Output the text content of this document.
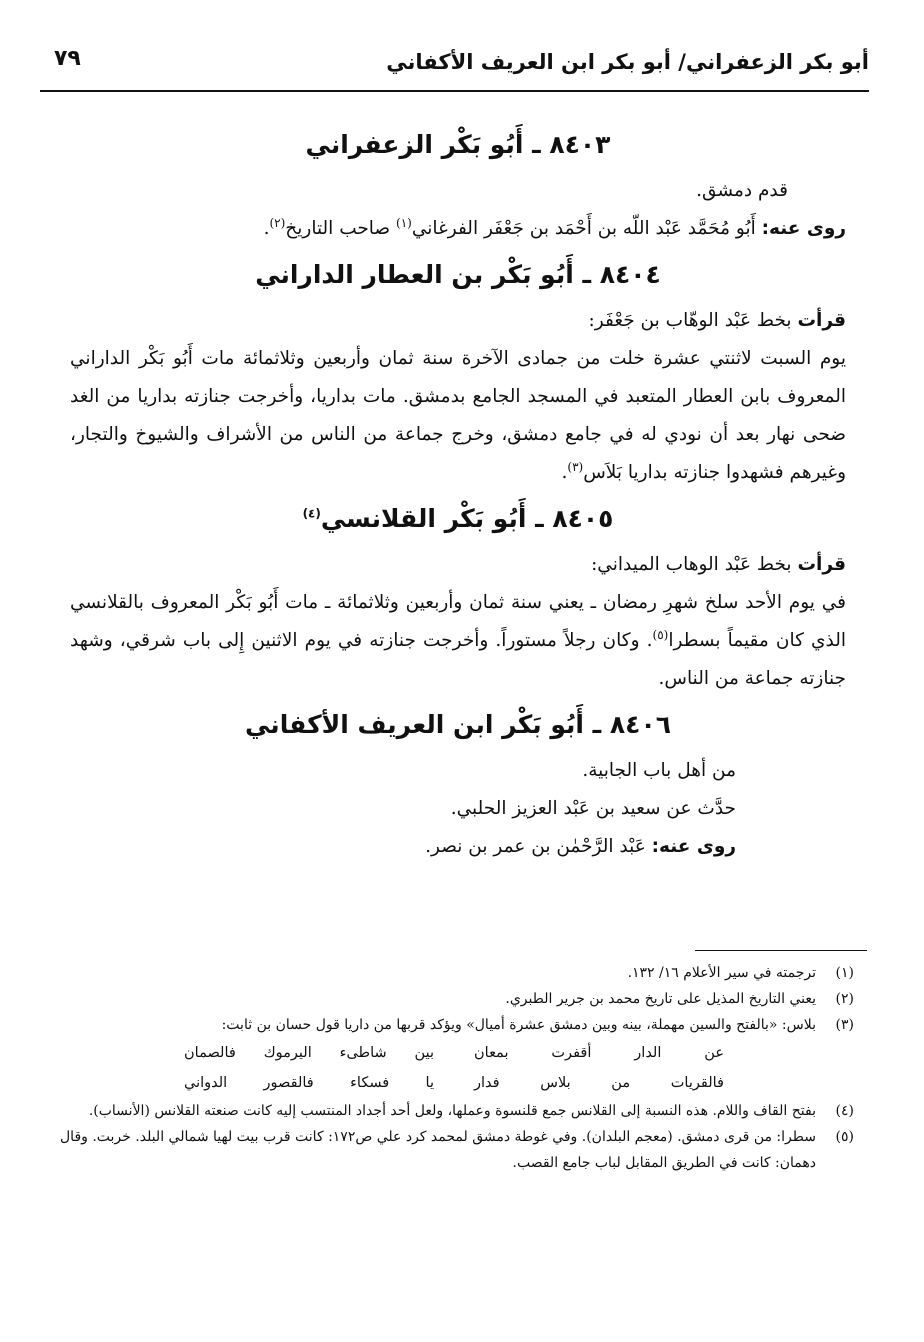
أبو بكر الزعفراني/ أبو بكر ابن العريف الأكفاني
٧٩
٨٤٠٣ ـ أَبُو بَكْر الزعفراني

قدم دمشق.

روى عنه: أَبُو مُحَمَّد عَبْد اللّه بن أَحْمَد بن جَعْفَر الفرغاني$^{(١)}$ صاحب التاريخ$^{(٢)}$.

٨٤٠٤ ـ أَبُو بَكْر بن العطار الداراني

قرأت بخط عَبْد الوهّاب بن جَعْفَر:

يوم السبت لاثنتي عشرة خلت من جمادى الآخرة سنة ثمان وأربعين وثلاثمائة مات أَبُو بَكْر الداراني المعروف بابن العطار المتعبد في المسجد الجامع بدمشق. مات بداريا، وأخرجت جنازته بداريا من الغد ضحى نهار بعد أن نودي له في جامع دمشق، وخرج جماعة من الناس من الأشراف والشيوخ والتجار، وغيرهم فشهدوا جنازته بداريا بَلاَس$^{(٣)}$.

٨٤٠٥ ـ أَبُو بَكْر القلانسي$^{(٤)}$

قرأت بخط عَبْد الوهاب الميداني:

في يوم الأحد سلخ شهرِ رمضان ـ يعني سنة ثمان وأربعين وثلاثمائة ـ مات أَبُو بَكْر المعروف بالقلانسي الذي كان مقيماً بسطرا$^{(٥)}$. وكان رجلاً مستوراً. وأخرجت جنازته في يوم الاثنين إِلى باب شرقي، وشهد جنازته جماعة من الناس.

٨٤٠٦ ـ أَبُو بَكْر ابن العريف الأكفاني

من أهل باب الجابية.

حدَّث عن سعيد بن عَبْد العزيز الحلبي.

روى عنه: عَبْد الرَّحْمٰن بن عمر بن نصر.

(١)
ترجمته في سير الأعلام ١٦/ ١٣٢.
(٢)
يعني التاريخ المذيل على تاريخ محمد بن جرير الطبري.
(٣)
بلاس: «بالفتح والسين مهملة، بينه وبين دمشق عشرة أميال» ويؤكد قربها من داريا قول حسان بن ثابت:
عن الدار أقفرت بمعان
بين شاطىء اليرموك فالصمان
فالقريات من بلاس فدار
يا فسكاء فالقصور الدواني
(٤)
بفتح القاف واللام. هذه النسبة إلى القلانس جمع قلنسوة وعملها، ولعل أحد أجداد المنتسب إليه كانت صنعته القلانس (الأنساب).
(٥)
سطرا: من قرى دمشق. (معجم البلدان). وفي غوطة دمشق لمحمد كرد علي ص١٧٢: كانت قرب بيت لهيا شمالي البلد. خربت. وقال دهمان: كانت في الطريق المقابل لباب جامع القصب.
